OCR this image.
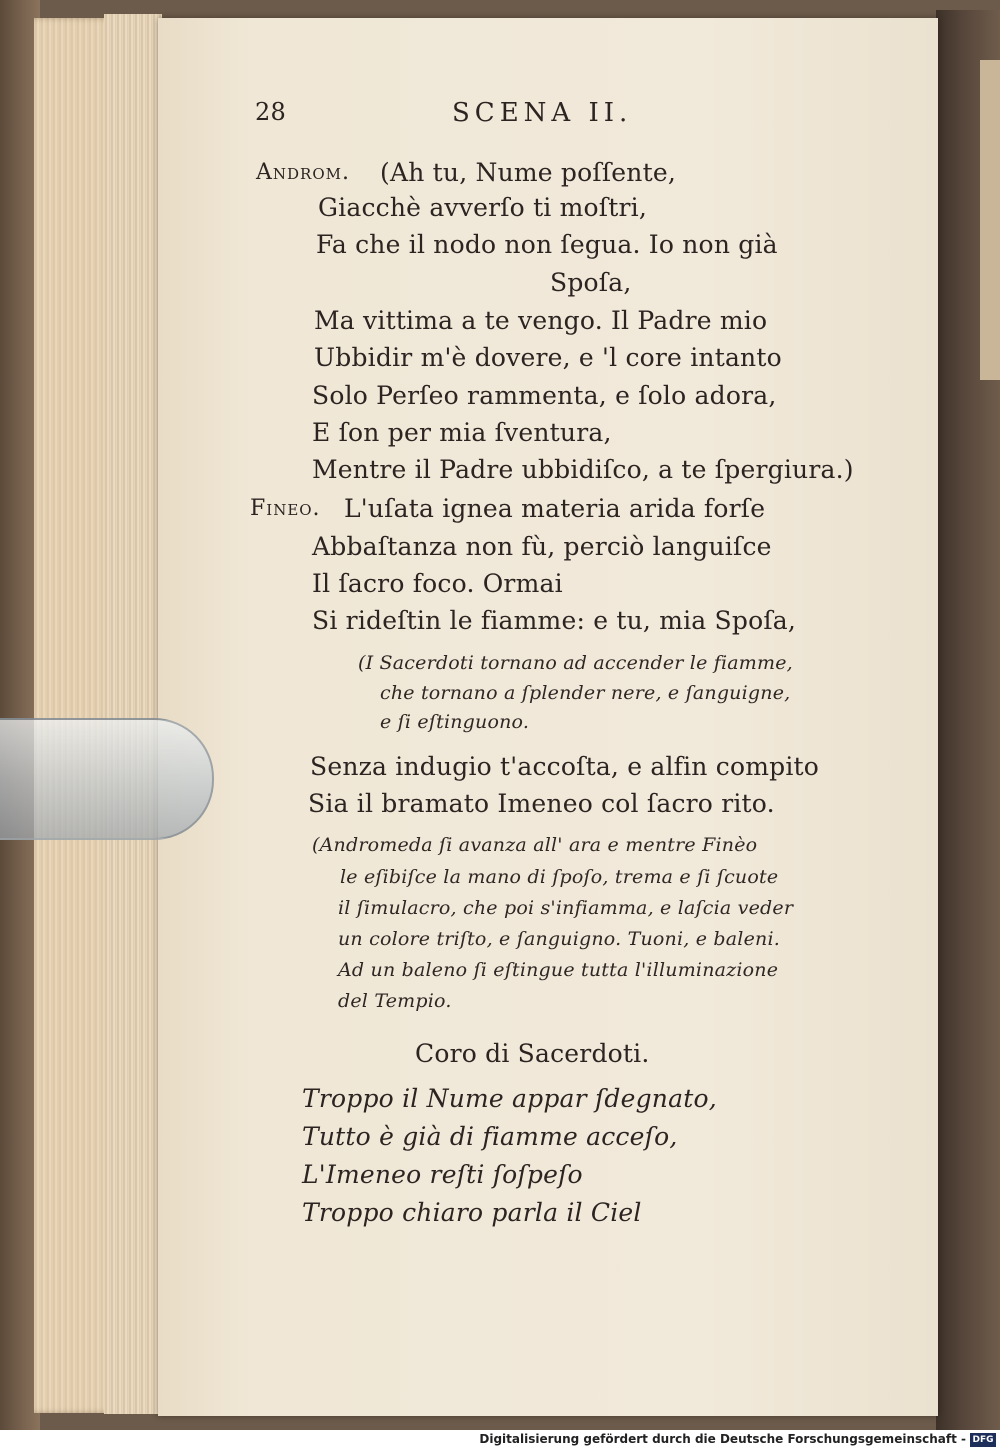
28	SCENA II.
Androm. (Ah tu, Nume poſſente,
Giacchè avverſo ti moſtri,
Fa che il nodo non ſegua. Io non già
Spoſa,
Ma vittima a te vengo. Il Padre mio
Ubbidir m'è dovere, e 'l core intanto
Solo Perſeo rammenta, e ſolo adora,
E ſon per mia ſventura,
Mentre il Padre ubbidiſco, a te ſpergiura.)
Fineo. L'uſata ignea materia arida forſe
Abbaſtanza non fù, perciò languiſce
Il ſacro foco. Ormai
Si rideſtin le fiamme: e tu, mia Spoſa,
(I Sacerdoti tornano ad accender le fiamme,
che tornano a ſplender nere, e ſanguigne,
e ſi eſtinguono.
Senza indugio t'accoſta, e alfin compito
Sia il bramato Imeneo col ſacro rito.
(Andromeda ſi avanza all' ara e mentre Finèo
le eſibiſce la mano di ſpoſo, trema e ſi ſcuote
il ſimulacro, che poi s'infiamma, e laſcia veder
un colore triſto, e ſanguigno. Tuoni, e baleni.
Ad un baleno ſi eſtingue tutta l'illuminazione
del Tempio.
Coro di Sacerdoti.
Troppo il Nume appar ſdegnato,
Tutto è già di fiamme acceſo,
L'Imeneo reſti ſoſpeſo
Troppo chiaro parla il Ciel
Digitalisierung gefördert durch die Deutsche Forschungsgemeinschaft - DFG
